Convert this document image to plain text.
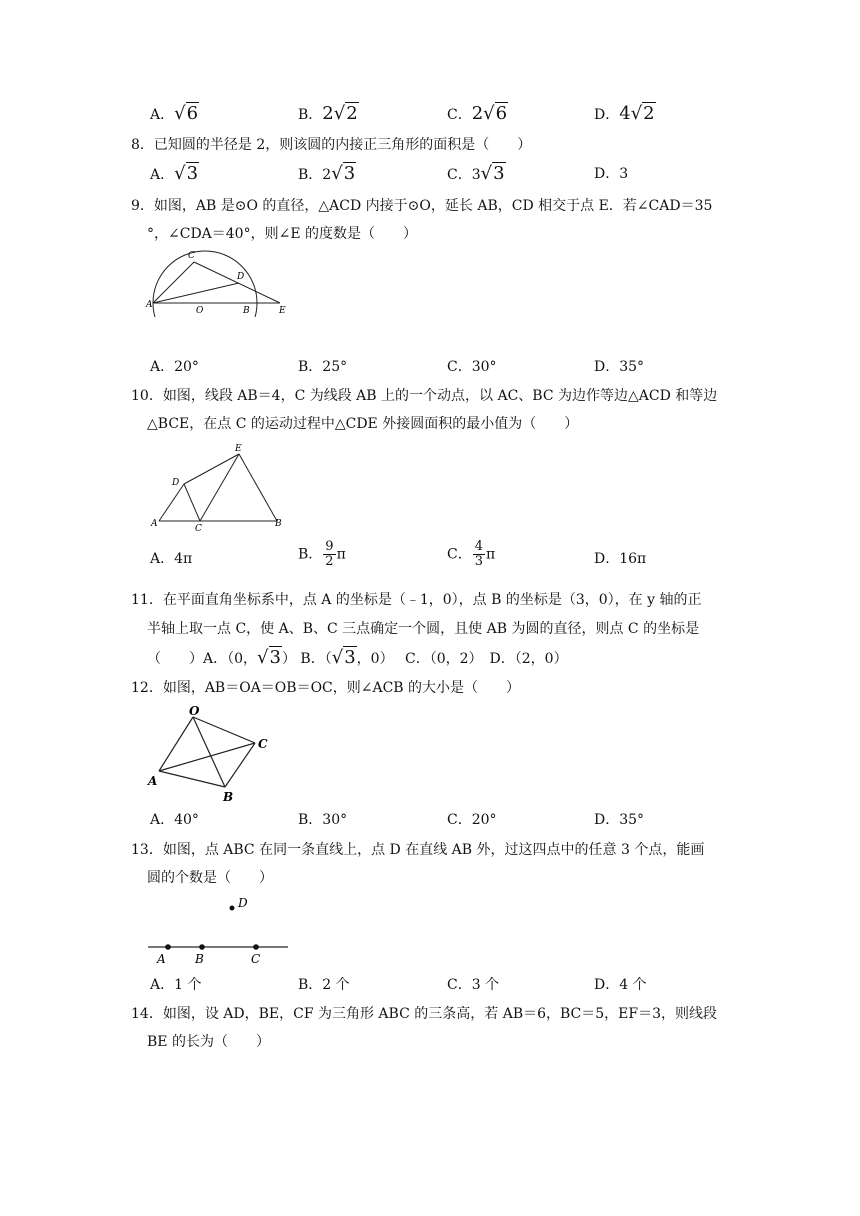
A．√6	B．2√2	C．2√6	D．4√2
8．已知圆的半径是 2，则该圆的内接正三角形的面积是（　　）
A．√3	B．2√3	C．3√3	D．3
9．如图，AB 是⊙O 的直径，△ACD 内接于⊙O，延长 AB，CD 相交于点 E．若∠CAD＝35
°，∠CDA＝40°，则∠E 的度数是（　　）
C
D
A
O	B	E
A．20°	B．25°	C．30°	D．35°
10．如图，线段 AB＝4，C 为线段 AB 上的一个动点，以 AC、BC 为边作等边△ACD 和等边
△BCE，在点 C 的运动过程中△CDE 外接圆面积的最小值为（　　）
E
D
A	C	B
A．4π	B． $\frac{9}{2}$ π	C． $\frac{4}{3}$ π	D．16π
11．在平面直角坐标系中，点 A 的坐标是（﹣1，0），点 B 的坐标是（3，0），在 y 轴的正
半轴上取一点 C，使 A、B、C 三点确定一个圆，且使 AB 为圆的直径，则点 C 的坐标是
（　　）A．（0，√3） B．（√3，0）　 C．（0，2）　D．（2，0）
12．如图，AB＝OA＝OB＝OC，则∠ACB 的大小是（　　）
O
C
A
B
A．40°	B．30°	C．20°	D．35°
13．如图，点 ABC 在同一条直线上，点 D 在直线 AB 外，过这四点中的任意 3 个点，能画
圆的个数是（　　）
D
A B	C
A．1 个	B．2 个	C．3 个	D．4 个
14．如图，设 AD，BE，CF 为三角形 ABC 的三条高，若 AB＝6，BC＝5，EF＝3，则线段
BE 的长为（　　）
